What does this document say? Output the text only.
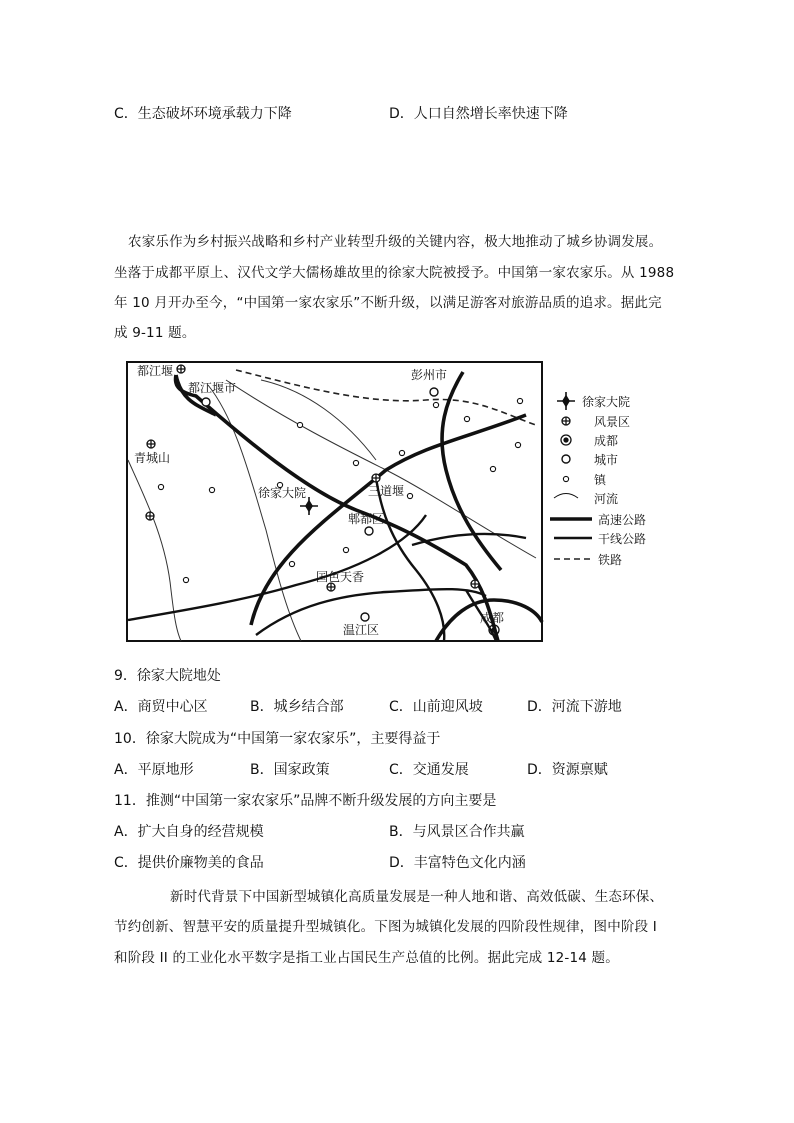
C．生态破坏环境承载力下降	D．人口自然增长率快速下降
农家乐作为乡村振兴战略和乡村产业转型升级的关键内容，极大地推动了城乡协调发展。
坐落于成都平原上、汉代文学大儒杨雄故里的徐家大院被授予。中国第一家农家乐。从 1988
年 10 月开办至今，“中国第一家农家乐”不断升级，以满足游客对旅游品质的追求。据此完
成 9-11 题。
都江堰
都江堰市
彭州市
青城山
徐家大院	三道堰
郫都区
国色天香
温江区
成都
徐家大院
风景区
成都
城市
镇
河流
高速公路
干线公路
铁路
9．徐家大院地处
A．商贸中心区	B．城乡结合部	C．山前迎风坡	D．河流下游地
10．徐家大院成为“中国第一家农家乐”，主要得益于
A．平原地形	B．国家政策	C．交通发展	D．资源禀赋
11．推测“中国第一家农家乐”品牌不断升级发展的方向主要是
A．扩大自身的经营规模	B．与风景区合作共赢
C．提供价廉物美的食品	D．丰富特色文化内涵
新时代背景下中国新型城镇化高质量发展是一种人地和谐、高效低碳、生态环保、
节约创新、智慧平安的质量提升型城镇化。下图为城镇化发展的四阶段性规律，图中阶段 I
和阶段 II 的工业化水平数字是指工业占国民生产总值的比例。据此完成 12-14 题。
